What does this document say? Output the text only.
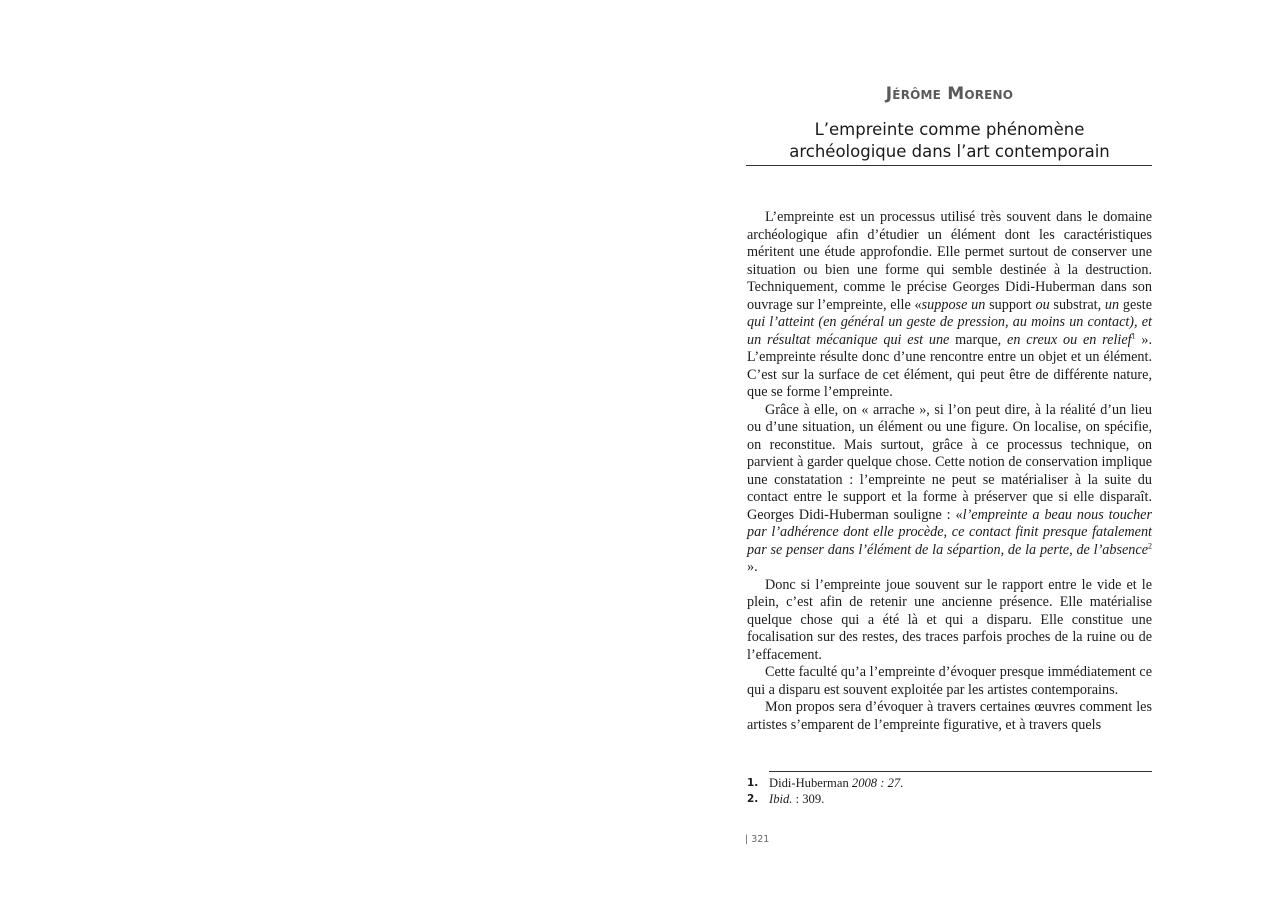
Jérôme Moreno
L’empreinte comme phénomène
archéologique dans l’art contemporain

L’empreinte est un processus utilisé très souvent dans le domaine archéologique afin d’étudier un élément dont les caractéristiques méritent une étude approfondie. Elle permet surtout de conserver une situation ou bien une forme qui semble destinée à la destruction. Techniquement, comme le précise Georges Didi-Huberman dans son ouvrage sur l’empreinte, elle «suppose un support ou substrat, un geste qui l’atteint (en général un geste de pression, au moins un contact), et un résultat mécanique qui est une marque, en creux ou en relief$^1$ ». L’empreinte résulte donc d’une rencontre entre un objet et un élément. C’est sur la surface de cet élément, qui peut être de différente nature, que se forme l’empreinte.

Grâce à elle, on « arrache », si l’on peut dire, à la réalité d’un lieu ou d’une situation, un élément ou une figure. On localise, on spécifie, on reconstitue. Mais surtout, grâce à ce processus technique, on parvient à garder quelque chose. Cette notion de conservation implique une constatation : l’empreinte ne peut se matérialiser à la suite du contact entre le support et la forme à préserver que si elle disparaît. Georges Didi-Huberman souligne : «l’empreinte a beau nous toucher par l’adhérence dont elle procède, ce contact finit presque fatalement par se penser dans l’élément de la sépartion, de la perte, de l’absence$^2$ ».

Donc si l’empreinte joue souvent sur le rapport entre le vide et le plein, c’est afin de retenir une ancienne présence. Elle matérialise quelque chose qui a été là et qui a disparu. Elle constitue une focalisation sur des restes, des traces parfois proches de la ruine ou de l’effacement.

Cette faculté qu’a l’empreinte d’évoquer presque immédiatement ce qui a disparu est souvent exploitée par les artistes contemporains.

Mon propos sera d’évoquer à travers certaines œuvres comment les artistes s’emparent de l’empreinte figurative, et à travers quels

1. Didi-Huberman 2008 : 27.
2. Ibid. : 309.
| 321
